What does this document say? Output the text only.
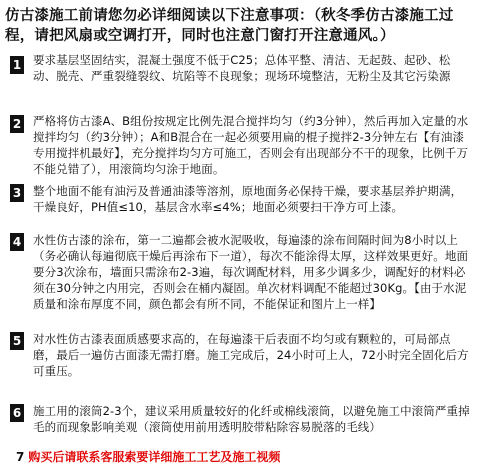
仿古漆施工前请您勿必详细阅读以下注意事项：（秋冬季仿古漆施工过程，请把风扇或空调打开，同时也注意门窗打开注意通风。）
1 要求基层坚固结实，混凝土强度不低于C25；总体平整、清洁、无起鼓、起砂、松动、脱壳、严重裂缝裂纹、坑陷等不良现象；现场环境整洁，无粉尘及其它污染源
2 严格将仿古漆A、B组份按规定比例先混合搅拌均匀（约3分钟），然后再加入定量的水搅拌均匀（约3分钟）；A和B混合在一起必须要用扁的棍子搅拌2-3分钟左右【有油漆专用搅拌机最好】，充分搅拌均匀方可施工，否则会有出现部分不干的现象，比例千万不能兑错了），用滚筒均匀涂于地面。
3 整个地面不能有油污及普通油漆等溶剂，原地面务必保持干燥，要求基层养护期满，干燥良好，PH值≤10，基层含水率≤4%；地面必须要扫干净方可上漆。
4 水性仿古漆的涂布，第一二遍都会被水泥吸收，每遍漆的涂布间隔时间为8小时以上（务必确认每遍彻底干燥后再涂布下一道），每次不能涂得太厚，这样效果更好。地面要分3次涂布，墙面只需涂布2-3遍，每次调配材料，用多少调多少，调配好的材料必须在30分钟之内用完，否则会在桶内凝固。单次材料调配不能超过30Kg。【由于水泥质量和涂布厚度不同，颜色都会有所不同，不能保证和图片上一样】
5 对水性仿古漆表面质感要求高的，在每遍漆干后表面不均匀或有颗粒的，可局部点磨，最后一遍仿古面漆无需打磨。施工完成后，24小时可上人，72小时完全固化后方可重压。
6 施工用的滚筒2-3个，建议采用质量较好的化纤或棉线滚筒，以避免施工中滚筒严重掉毛的而现象影响美观（滚筒使用前用透明胶带粘除容易脱落的毛线）
7 购买后请联系客服索要详细施工工艺及施工视频
